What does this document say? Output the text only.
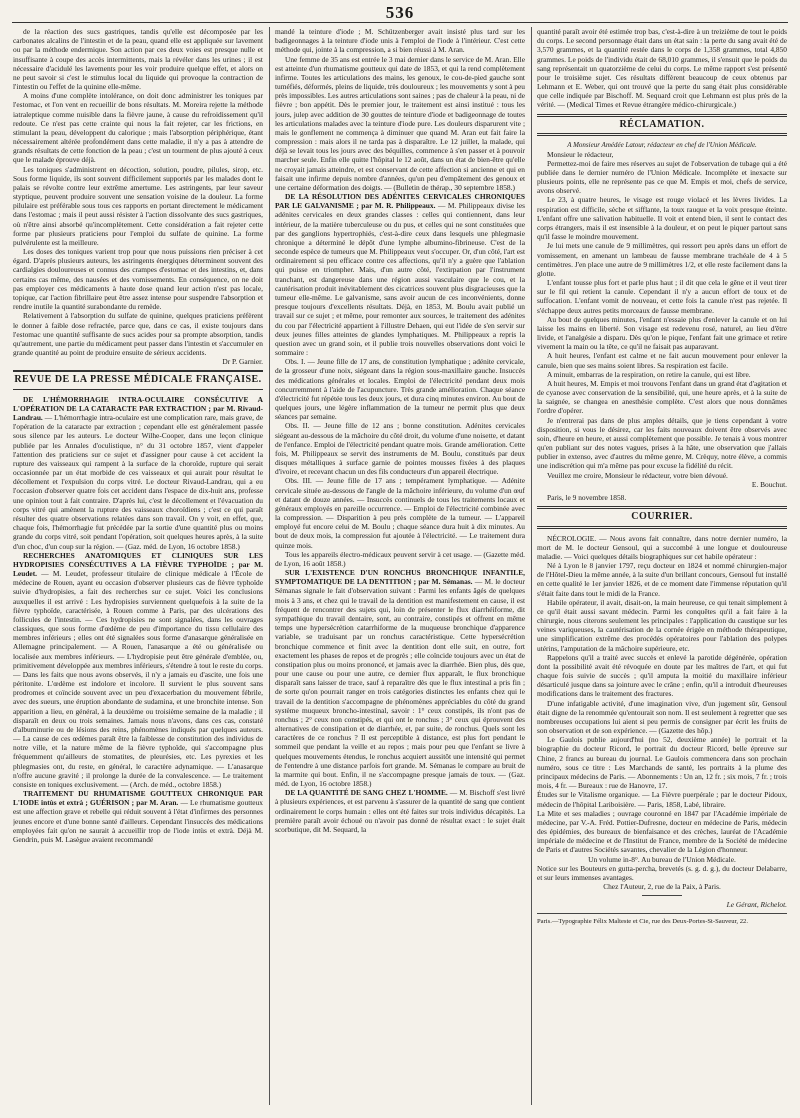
536

de la réaction des sucs gastriques, tandis qu'elle est décomposée par les carbonates alcalins de l'intestin et de la peau, quand elle est appliquée sur lavement ou par la méthode endermique. Son action par ces deux voies est presque nulle et insuffisante à coupe des accès intermittents, mais la révéler dans les urines ; il est nécessaire d'acidulé les lavements pour les voir produire quelque effet, et alors on ne peut savoir si c'est le stimulus local du liquide qui provoque la contraction de l'intestin ou l'effet de la quinine elle-même.

A moins d'une complète intolérance, on doit donc administrer les toniques par l'estomac, et l'on vent en recueillir de bons résultats. M. Moreira rejette la méthode iatraleptique comme nuisible dans la fièvre jaune, à cause du refroidissement qu'il redoute. Ce n'est pas cette crainte qui nous la fait rejeter, car les frictions, en stimulant la peau, développent du calorique ; mais l'absorption périphérique, étant nécessairement altérée profondément dans cette maladie, il n'y a pas à attendre de grands résultats de cette fonction de la peau ; c'est un tourment de plus ajouté à ceux que le malade éprouve déjà.

Les toniques s'administrent en décoction, solution, poudre, pilules, sirop, etc. Sous forme liquide, ils sont souvent difficilement supportés par les malades dont le palais se révolte contre leur extrême amertume. Les astringents, par leur saveur styptique, peuvent produire souvent une sensation voisine de la douleur. La forme pilulaire est préférable sous tous ces rapports en portant directement le médicament dans l'estomac ; mais il peut aussi résister à l'action dissolvante des sucs gastriques, où n'être ainsi absorbé qu'incomplètement. Cette considération a fait rejeter cette forme par plusieurs praticiens pour l'emploi du sulfate de quinine. La forme pulvérulente est la meilleure.

Les doses des toniques varient trop pour que nous puissions rien préciser à cet égard. D'après plusieurs auteurs, les astringents énergiques déterminent souvent des cardialgies douloureuses et connus des crampes d'estomac et des intestins, et, dans certains cas même, des nausées et des vomissements. En conséquence, on ne doit pas employer ces médicaments à haute dose quand leur action n'est pas locale, topique, car l'action fibrillaire peut être assez intense pour suspendre l'absorption et rendre inutile la quantité surabondante du remède.

Relativement à l'absorption du sulfate de quinine, quelques praticiens préfèrent le donner à faible dose refractée, parce que, dans ce cas, il existe toujours dans l'estomac une quantité suffisante de sucs acides pour sa prompte absorption, tandis qu'autrement, une partie du médicament peut passer dans l'intestin et s'accumuler en grande quantité au point de produire ensuite de sérieux accidents.

Dr P. Garnier.

REVUE DE LA PRESSE MÉDICALE FRANÇAISE.

DE L'HÉMORRHAGIE INTRA-OCULAIRE CONSÉCUTIVE A L'OPÉRATION DE LA CATARACTE PAR EXTRACTION ; par M. Rivaud-Landrau. — L'hémorrhagie intra-oculaire est une complication rare, mais grave, de l'opération de la cataracte par extraction ; cependant elle est généralement passée sous silence par les auteurs. Le docteur Wilhe-Cooper, dans une leçon clinique publiée par les Annales d'oculistique, n° du 31 octobre 1857, vient d'appeler l'attention des praticiens sur ce sujet et d'assigner pour cause à cet accident la rupture des vaisseaux qui rampent à la surface de la choroïde, rupture qui serait occasionnée par un état morbide de ces vaisseaux et qui aurait pour résultat le décollement et l'expulsion du corps vitré. Le docteur Rivaud-Landrau, qui a eu l'occasion d'observer quatre fois cet accident dans l'espace de dix-huit ans, professe une opinion tout à fait contraire. D'après lui, c'est le décollement et l'évacuation du corps vitré qui amènent la rupture des vaisseaux choroïdiens ; c'est ce qui paraît résulter des quatre observations relatées dans son travail. On y voit, en effet, que, chaque fois, l'hémorrhagie fut précédée par la sortie d'une quantité plus ou moins grande du corps vitré, soit pendant l'opération, soit quelques heures après, à la suite d'un choc, d'un coup sur la région. — (Gaz. méd. de Lyon, 16 octobre 1858.)

RECHERCHES ANATOMIQUES ET CLINIQUES SUR LES HYDROPISIES CONSÉCUTIVES A LA FIÈVRE TYPHOÏDE ; par M. Leudet. — M. Leudet, professeur titulaire de clinique médicale à l'École de médecine de Rouen, ayant eu occasion d'observer plusieurs cas de fièvre typhoïde suivie d'hydropisies, a fait des recherches sur ce sujet. Voici les conclusions auxquelles il est arrivé : Les hydropisies surviennent quelquefois à la suite de la fièvre typhoïde, caractérisée, à Rouen comme à Paris, par des ulcérations des follicules de l'intestin. — Ces hydropisies ne sont signalées, dans les ouvrages classiques, que sous forme d'œdème de peu d'importance du tissu cellulaire des membres inférieurs ; elles ont été signalées sous forme d'anasarque généralisée en Allemagne principalement. — A Rouen, l'anasarque a été ou généralisée ou localisée aux membres inférieurs. — L'hydropisie peut être générale d'emblée, ou, primitivement développée aux membres inférieurs, s'étendre à tout le reste du corps. — Dans les faits que nous avons observés, il n'y a jamais eu d'ascite, une fois une péritonite. L'œdème est indolore et incolore. Il survient le plus souvent sans prodromes et coïncide souvent avec un peu d'exacerbation du mouvement fébrile, avec des sueurs, une éruption abondante de sudamina, et une bronchite intense. Son apparition a lieu, en général, à la deuxième ou troisième semaine de la maladie ; il disparaît en deux ou trois semaines. Jamais nous n'avons, dans ces cas, constaté d'albuminurie ou de lésions des reins, phénomènes indiqués par quelques auteurs. — La cause de ces œdèmes paraît être la faiblesse de constitution des individus de notre ville, et la nature même de la fièvre typhoïde, qui s'accompagne plus fréquemment qu'ailleurs de stomatites, de pleurésies, etc. Les pyrexies et les phlegmasies ont, du reste, en général, le caractère adynamique. — L'anasarque n'offre aucune gravité ; il prolonge la durée de la convalescence. — Le traitement consiste en toniques exclusivement. — (Arch. de méd., octobre 1858.)

TRAITEMENT DU RHUMATISME GOUTTEUX CHRONIQUE PAR L'IODE intùs et extrà ; GUÉRISON ; par M. Aran. — Le rhumatisme goutteux est une affection grave et rebelle qui réduit souvent à l'état d'infirmes des personnes jeunes encore et d'une bonne santé d'ailleurs. Cependant l'insuccès des médications employées fait qu'on ne saurait à accueillir trop de l'iode intùs et extrà. Déjà M. Gendrin, puis M. Lasègue avaient recommandé

mandé la teinture d'iode ; M. Schützenberger avait insisté plus tard sur les badigeonnages à la teinture d'iode unis à l'emploi de l'iode à l'intérieur. C'est cette méthode qui, jointe à la compression, a si bien réussi à M. Aran.

Une femme de 35 ans est entrée le 3 mai dernier dans le service de M. Aran. Elle est atteinte d'un rhumatisme goutteux qui date de 1853, et qui la rend complètement infirme. Toutes les articulations des mains, les genoux, le cou-de-pied gauche sont tuméfiés, déformés, pleins de liquide, très douloureux ; les mouvements y sont à peu près impossibles. Les autres articulations sont saines ; pas de chaleur à la peau, ni de fièvre ; bon appétit. Dès le premier jour, le traitement est ainsi institué : tous les jours, julep avec addition de 30 gouttes de teinture d'iode et badigeonnage de toutes les articulations malades avec la teinture d'iode pure. Les douleurs disparurent vite ; mais le gonflement ne commença à diminuer que quand M. Aran eut fait faire la compression : mais alors il ne tarda pas à disparaître. Le 12 juillet, la malade, qui déjà se levait tous les jours avec des béquilles, commence à s'en passer et à pouvoir marcher seule. Enfin elle quitte l'hôpital le 12 août, dans un état de bien-être qu'elle ne croyait jamais atteindre, et est conservant de cette affection si ancienne et qui en faisait une infirme depuis nombre d'années, qu'un peu d'empâtement des genoux et une certaine déformation des doigts. — (Bulletin de thérap., 30 septembre 1858.)

DE LA RÉSOLUTION DES ADÉNITES CERVICALES CHRONIQUES PAR LE GALVANISME ; par M. R. Philippeaux. — M. Philippeaux divise les adénites cervicales en deux grandes classes : celles qui contiennent, dans leur intérieur, de la matière tuberculeuse ou du pus, et celles qui ne sont constituées que par des ganglions hypertrophiés, c'est-à-dire ceux dans lesquels une phlegmasie chronique a déterminé le dépôt d'une lymphe albumino-fibrineuse. C'est de la seconde espèce de tumeurs que M. Philippeaux veut s'occuper. Or, d'un côté, l'art est ordinairement si peu efficace contre ces affections, qu'il n'y a guère que l'ablation qui puisse en triompher. Mais, d'un autre côté, l'extirpation par l'instrument tranchant, est dangereuse dans une région aussi vasculaire que le cou, et la cautérisation produit inévitablement des cicatrices souvent plus disgracieuses que la tumeur elle-même. Le galvanisme, sans avoir aucun de ces inconvénients, donne presque toujours d'excellents résultats. Déjà, en 1853, M. Boulu avait publié un travail sur ce sujet ; et même, pour remonter aux sources, le traitement des adénites du cou par l'électricité appartient à l'illustre Dehaen, qui eut l'idée de s'en servir sur deux jeunes filles atteintes de glandes lymphatiques. M. Philippeaux a repris la question avec un grand soin, et il publie trois nouvelles observations dont voici le sommaire :

Obs. I. — Jeune fille de 17 ans, de constitution lymphatique ; adénite cervicale, de la grosseur d'une noix, siégeant dans la région sous-maxillaire gauche. Insuccès des médications générales et locales. Emploi de l'électricité pendant deux mois concurremment à l'aide de l'acupuncture. Très grande amélioration. Chaque séance d'électricité fut répétée tous les deux jours, et dura cinq minutes environ. Au bout de quelques jours, une légère inflammation de la tumeur ne permit plus que deux séances par semaine.

Obs. II. — Jeune fille de 12 ans ; bonne constitution. Adénites cervicales siégeant au-dessous de la mâchoire du côté droit, du volume d'une noisette, et datant de l'enfance. Emploi de l'électricité pendant quatre mois. Grande amélioration. Cette fois, M. Philippeaux se servit des instruments de M. Boulu, constitués par deux disques métalliques à surface garnie de pointes mousses fixées à des plaques d'ivoire, et recevant chacun un des fils conducteurs d'un appareil électrique.

Obs. III. — Jeune fille de 17 ans ; tempérament lymphatique. — Adénite cervicale située au-dessous de l'angle de la mâchoire inférieure, du volume d'un œuf et datant de douze années. — Insuccès continuels de tous les traitements locaux et généraux employés en pareille occurrence. — Emploi de l'électricité combinée avec la compression. — Disparition à peu près complète de la tumeur. — L'appareil employé fut encore celui de M. Boulu ; chaque séance dura huit à dix minutes. Au bout de deux mois, la compression fut ajoutée à l'électricité. — Le traitement dura quinze mois.

Tous les appareils électro-médicaux peuvent servir à cet usage. — (Gazette méd. de Lyon, 16 août 1858.)

SUR L'EXISTENCE D'UN RONCHUS BRONCHIQUE INFANTILE, SYMPTOMATIQUE DE LA DENTITION ; par M. Sémanas. — M. le docteur Sémanas signale le fait d'observation suivant : Parmi les enfants âgés de quelques mois à 3 ans, et chez qui le travail de la dentition est manifestement en cause, il est fréquent de rencontrer des sujets qui, loin de présenter le flux diarrhéiforme, dit sympathique du travail dentaire, sont, au contraire, constipés et offrent en même temps une hypersécrétion catarrhiforme de la muqueuse bronchique d'apparence variable, se traduisant par un ronchus caractéristique. Cette hypersécrétion bronchique commence et finit avec la dentition dont elle suit, en outre, fort exactement les phases de repos et de progrès ; elle coïncide toujours avec un état de constipation plus ou moins prononcé, et jamais avec la diarrhée. Bien plus, dès que, pour une cause ou pour une autre, ce dernier flux apparaît, le flux bronchique disparaît sans laisser de trace, sauf à reparaître dès que le flux intestinal a pris fin ; de sorte qu'on pourrait ranger en trois catégories distinctes les enfants chez qui le travail de la dentition s'accompagne de phénomènes appréciables du côté du grand système muqueux broncho-intestinal, savoir : 1° ceux constipés, ils n'ont pas de ronchus ; 2° ceux non constipés, et qui ont le ronchus ; 3° ceux qui éprouvent des alternatives de constipation et de diarrhée, et, par suite, de ronchus. Quels sont les caractères de ce ronchus ? Il est perceptible à distance, est plus fort pendant le sommeil que pendant la veille et au repos ; mais pour peu que l'enfant se livre à quelques mouvements étendus, le ronchus acquiert aussitôt une intensité qui permet de l'entendre à une distance parfois fort grande. M. Sémanas le compare au bruit de la marmite qui bout. Enfin, il ne s'accompagne presque jamais de toux. — (Gaz. méd. de Lyon, 16 octobre 1858.)

DE LA QUANTITÉ DE SANG CHEZ L'HOMME. — M. Bischoff s'est livré à plusieurs expériences, et est parvenu à s'assurer de la quantité de sang que contient ordinairement le corps humain : elles ont été faites sur trois individus décapités. La première paraît avoir échoué ou n'avoir pas donné de résultat exact : le sujet était scorbutique, dit M. Sequard, la

quantité paraît avoir été estimée trop bas, c'est-à-dire à un treizième de tout le poids du corps. Le second personnage était dans un état sain : la perte du sang avait été de 3,570 grammes, et la quantité restée dans le corps de 1,358 grammes, total 4,850 grammes. Le poids de l'individu était de 68,010 grammes, il s'ensuit que le poids du sang représentait un quatorzième de celui du corps. Le même rapport s'est présenté pour le troisième sujet. Ces résultats diffèrent beaucoup de ceux obtenus par Lehmann et E. Weber, qui ont trouvé que la perte du sang était plus considérable que celle indiquée par Bischoff. M. Sequard croit que Lehmann est plus près de la vérité. — (Medical Times et Revue étrangère médico-chirurgicale.)

RÉCLAMATION.

A Monsieur Amédée Latour, rédacteur en chef de l'Union Médicale.

Monsieur le rédacteur,

Permettez-moi de faire mes réserves au sujet de l'observation de tubage qui a été publiée dans le dernier numéro de l'Union Médicale. Incomplète et inexacte sur plusieurs points, elle ne représente pas ce que M. Empis et moi, chefs de service, avons observé.

Le 23, à quatre heures, le visage est rouge violacé et les lèvres livides. La respiration est difficile, sèche et sifflante, la toux rauque et la voix presque éteinte. L'enfant offre une salivation habituelle. Il voit et entend bien, il sent le contact des corps étrangers, mais il est insensible à la douleur, et on peut le piquer partout sans qu'il fasse le moindre mouvement.

Je lui mets une canule de 9 millimètres, qui ressort peu après dans un effort de vomissement, en amenant un lambeau de fausse membrane trachéale de 4 à 5 centimètres. J'en place une autre de 9 millimètres 1/2, et elle reste facilement dans la glotte.

L'enfant tousse plus fort et parle plus haut ; il dit que cela le gêne et il veut tirer sur le fil qui retient la canule. Cependant il n'y a aucun effort de toux et de suffocation. L'enfant vomit de nouveau, et cette fois la canule n'est pas rejetée. Il s'échappe deux autres petits morceaux de fausse membrane.

Au bout de quelques minutes, l'enfant n'essaie plus d'enlever la canule et on lui laisse les mains en liberté. Son visage est redevenu rosé, naturel, au lieu d'être livide, et l'analgésie a disparu. Dès qu'on le pique, l'enfant fait une grimace et retire vivement la main ou la tête, ce qu'il ne faisait pas auparavant.

A huit heures, l'enfant est calme et ne fait aucun mouvement pour enlever la canule, bien que ses mains soient libres. Sa respiration est facile.

A minuit, embarras de la respiration, on retire la canule, qui est libre.

A huit heures, M. Empis et moi trouvons l'enfant dans un grand état d'agitation et de cyanose avec conservation de la sensibilité, qui, une heure après, et à la suite de la saignée, se changea en anesthésie complète. C'est alors que nous donnâmes l'ordre d'opérer.

Je n'entrerai pas dans de plus amples détails, que je tiens cependant à votre disposition, si vous le désirez, car les faits nouveaux doivent être observés avec soin, d'heure en heure, et aussi complètement que possible. Je tenais à vous montrer qu'en publiant sur des notes vagues, prises à la hâte, une observation que j'allais publier in extenso, avec d'autres du même genre, M. Crèquy, notre élève, a commis une indiscrétion qui m'a même pas pour excuse la fidélité du récit.

Veuillez me croire, Monsieur le rédacteur, votre bien dévoué.

E. Bouchut.

Paris, le 9 novembre 1858.

COURRIER.

NÉCROLOGIE. — Nous avons fait connaître, dans notre dernier numéro, la mort de M. le docteur Gensoul, qui a succombé à une longue et douloureuse maladie. — Voici quelques détails biographiques sur cet habile opérateur :

Né à Lyon le 8 janvier 1797, reçu docteur en 1824 et nommé chirurgien-major de l'Hôtel-Dieu la même année, à la suite d'un brillant concours, Gensoul fut installé en cette qualité le 1er janvier 1826, et de ce moment date l'immense réputation qu'il s'était faite dans tout le midi de la France.

Habile opérateur, il avait, disait-on, la main heureuse, ce qui tenait simplement à ce qu'il était aussi savant médecin. Parmi les conquêtes qu'il a fait faire à la chirurgie, nous citerons seulement les principales : l'application du caustique sur les veines variqueuses, la cautérisation de la cornée érigée en méthode thérapeutique, une simplification extrême des procédés opératoires pour l'ablation des polypes utérins, l'amputation de la mâchoire supérieure, etc.

Rappelons qu'il a traité avec succès et enlevé la parotide dégénérée, opération dont la possibilité avait été révoquée en doute par les maîtres de l'art, et qui fut chaque fois suivie de succès ; qu'il amputa la moitié du maxillaire inférieur désarticulé jusque dans sa jointure avec le crâne ; enfin, qu'il a introduit d'heureuses modifications dans le traitement des fractures.

D'une infatigable activité, d'une imagination vive, d'un jugement sûr, Gensoul était digne de la renommée qu'entourait son nom. Il est seulement à regretter que ses nombreuses occupations lui aient si peu permis de consigner par écrit les fruits de son observation et de son expérience. — (Gazette des hôp.)

Le Gaulois publie aujourd'hui (no 52, deuxième année) le portrait et la biographie du docteur Ricord, le portrait du docteur Ricord, belle épreuve sur Chine, 2 francs au bureau du journal. Le Gaulois commencera dans son prochain numéro, sous ce titre : Les Marchands de santé, les portraits à la plume des principaux médecins de Paris. — Abonnements : Un an, 12 fr. ; six mois, 7 fr. ; trois mois, 4 fr. — Bureaux : rue de Hanovre, 17.

Études sur le Vitalisme organique. — La Fièvre puerpérale ; par le docteur Pidoux, médecin de l'hôpital Lariboisière. — Paris, 1858, Labé, libraire.

La Mite et ses maladies ; ouvrage couronné en 1847 par l'Académie impériale de médecine, par V.-A. Fréd. Pottier-Dufresne, docteur en médecine de Paris, médecin des épidémies, des bureaux de bienfaisance et des crèches, lauréat de l'Académie impériale de médecine et de l'Institut de France, membre de la Société de médecine de Paris et d'autres Sociétés savantes, chevalier de la Légion d'honneur.

Un volume in-8°. Au bureau de l'Union Médicale.

Notice sur les Bouteurs en gutta-percha, brevetés (s. g. d. g.), du docteur Delabarre, et sur leurs immenses avantages.

Chez l'Auteur, 2, rue de la Paix, à Paris.

Le Gérant, Richelot.

Paris.—Typographie Félix Malteste et Cie, rue des Deux-Portes-St-Sauveur, 22.
